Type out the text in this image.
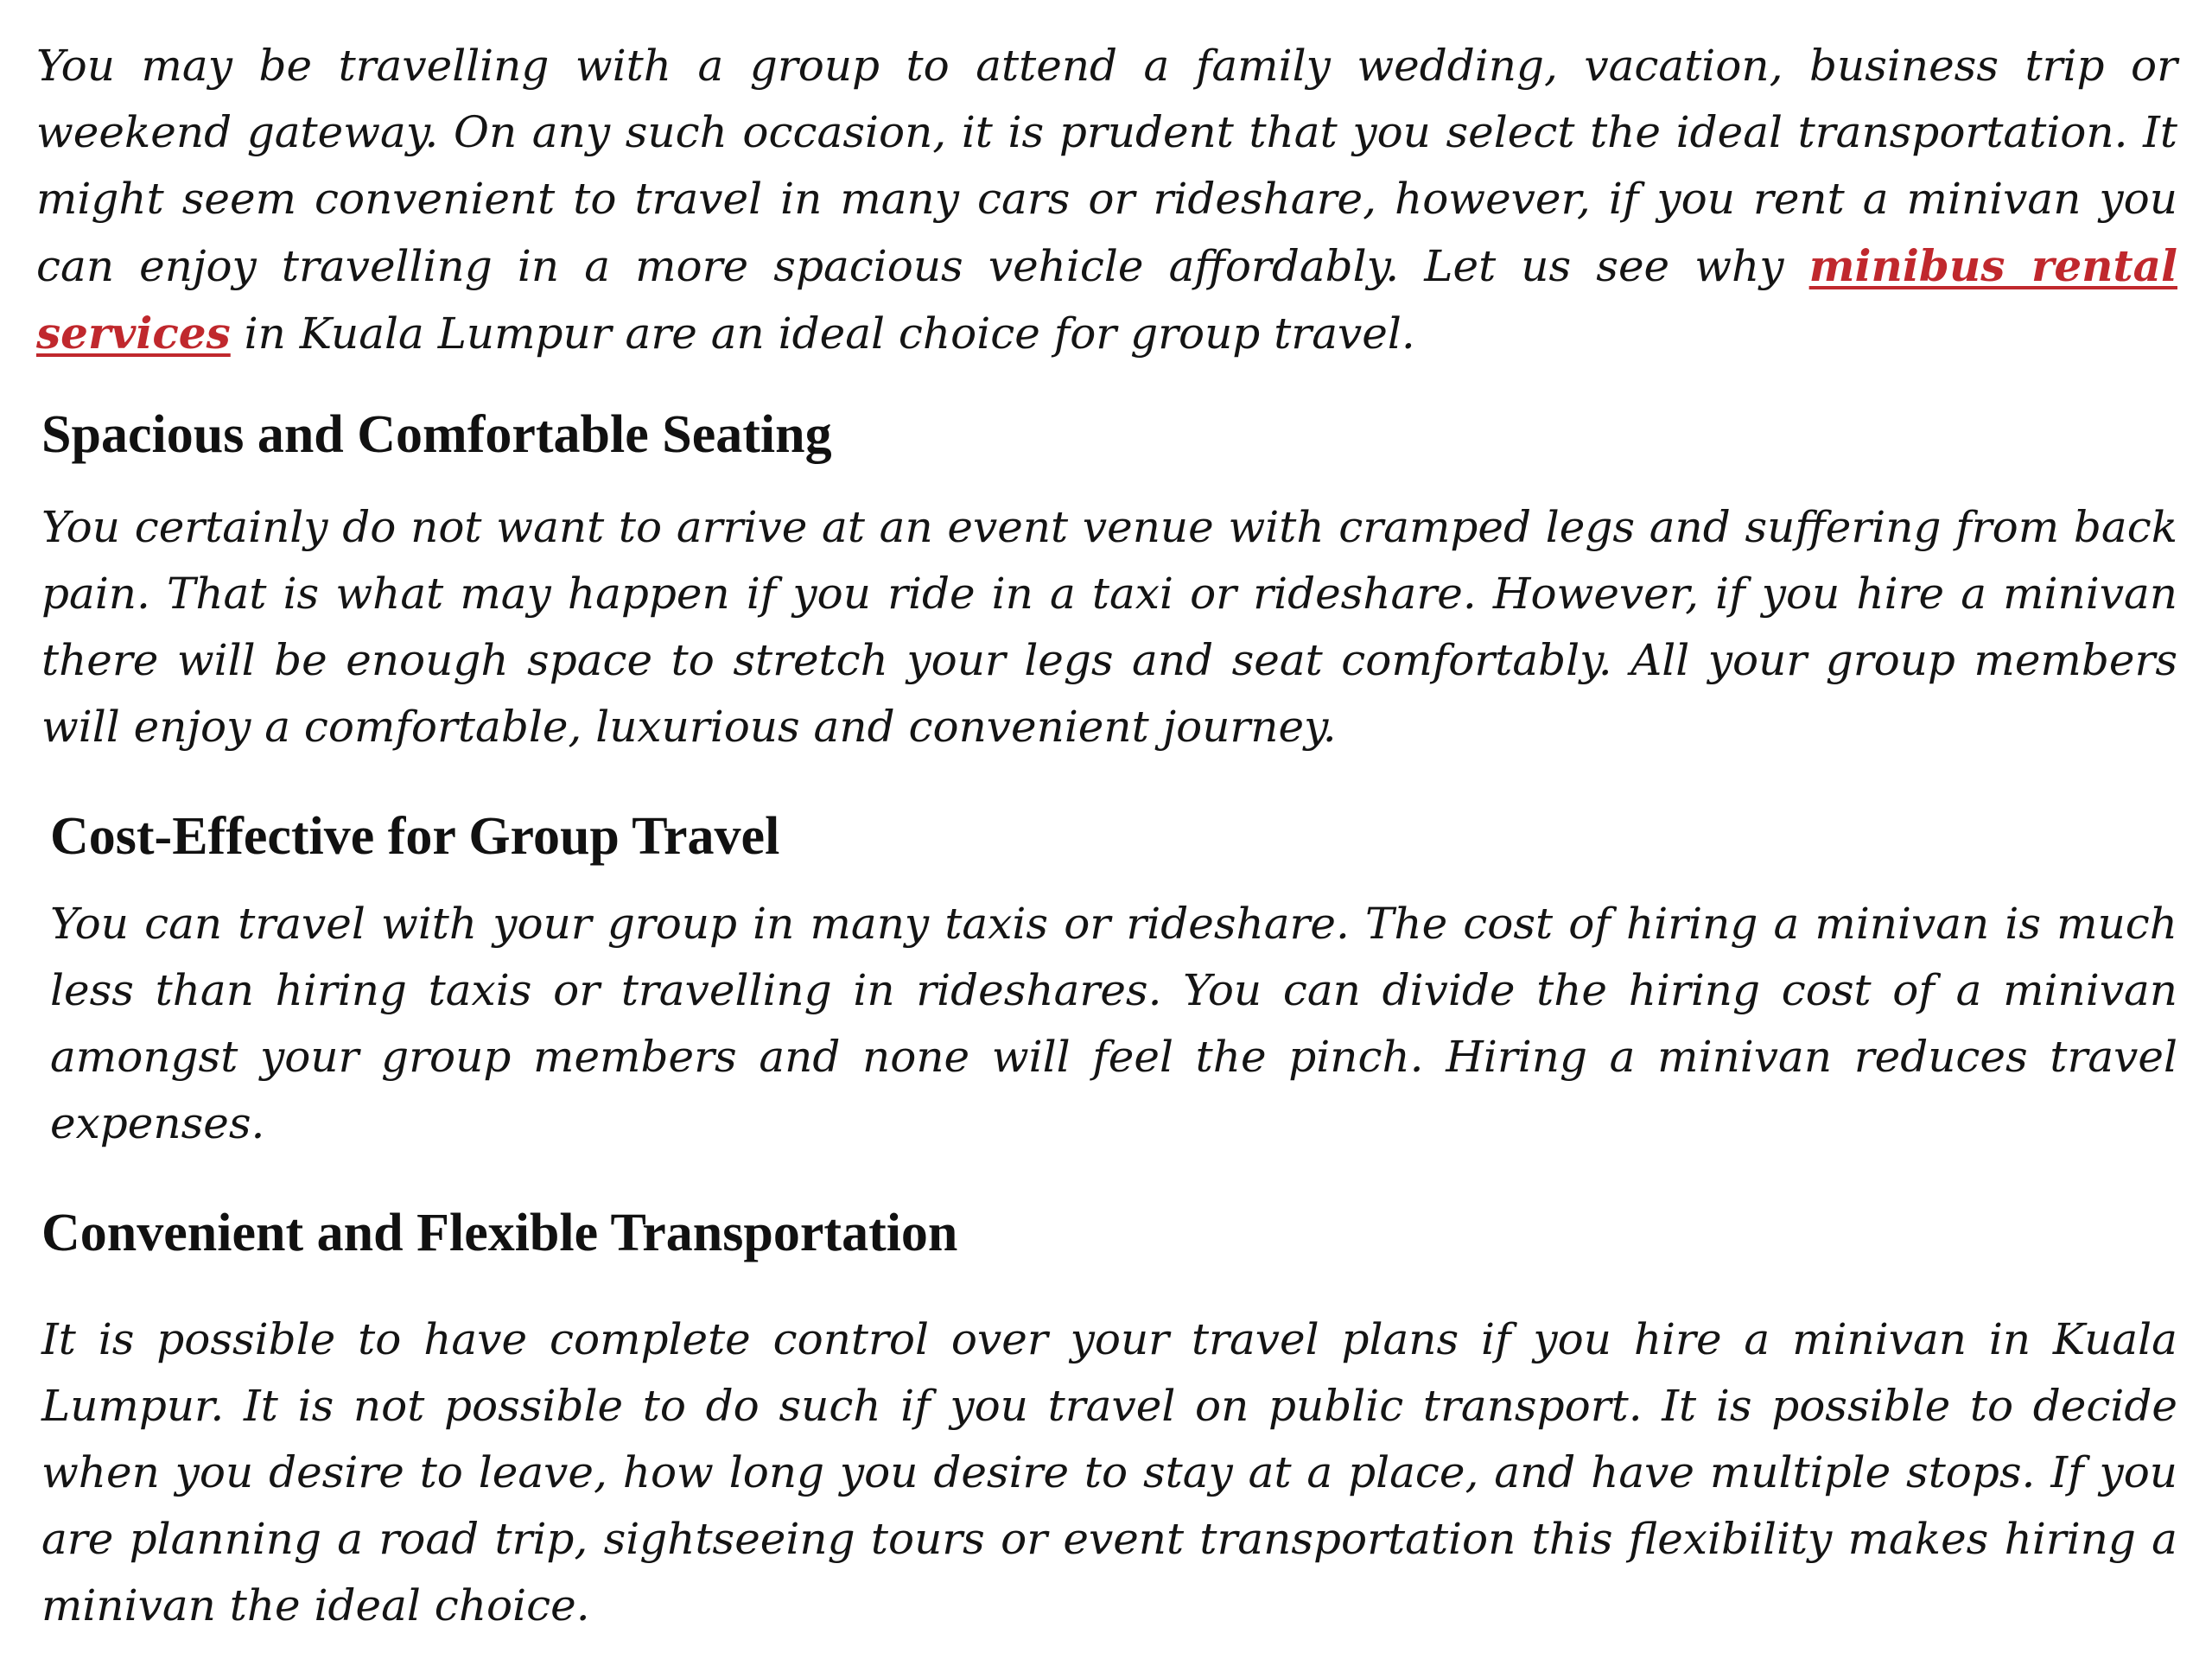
You may be travelling with a group to attend a family wedding, vacation, business trip or weekend gateway. On any such occasion, it is prudent that you select the ideal transportation. It might seem convenient to travel in many cars or rideshare, however, if you rent a minivan you can enjoy travelling in a more spacious vehicle affordably. Let us see why minibus rental services in Kuala Lumpur are an ideal choice for group travel.

Spacious and Comfortable Seating

You certainly do not want to arrive at an event venue with cramped legs and suffering from back pain. That is what may happen if you ride in a taxi or rideshare. However, if you hire a minivan there will be enough space to stretch your legs and seat comfortably. All your group members will enjoy a comfortable, luxurious and convenient journey.

Cost-Effective for Group Travel

You can travel with your group in many taxis or rideshare. The cost of hiring a minivan is much less than hiring taxis or travelling in rideshares. You can divide the hiring cost of a minivan amongst your group members and none will feel the pinch. Hiring a minivan reduces travel expenses.

Convenient and Flexible Transportation

It is possible to have complete control over your travel plans if you hire a minivan in Kuala Lumpur. It is not possible to do such if you travel on public transport. It is possible to decide when you desire to leave, how long you desire to stay at a place, and have multiple stops. If you are planning a road trip, sightseeing tours or event transportation this flexibility makes hiring a minivan the ideal choice.
